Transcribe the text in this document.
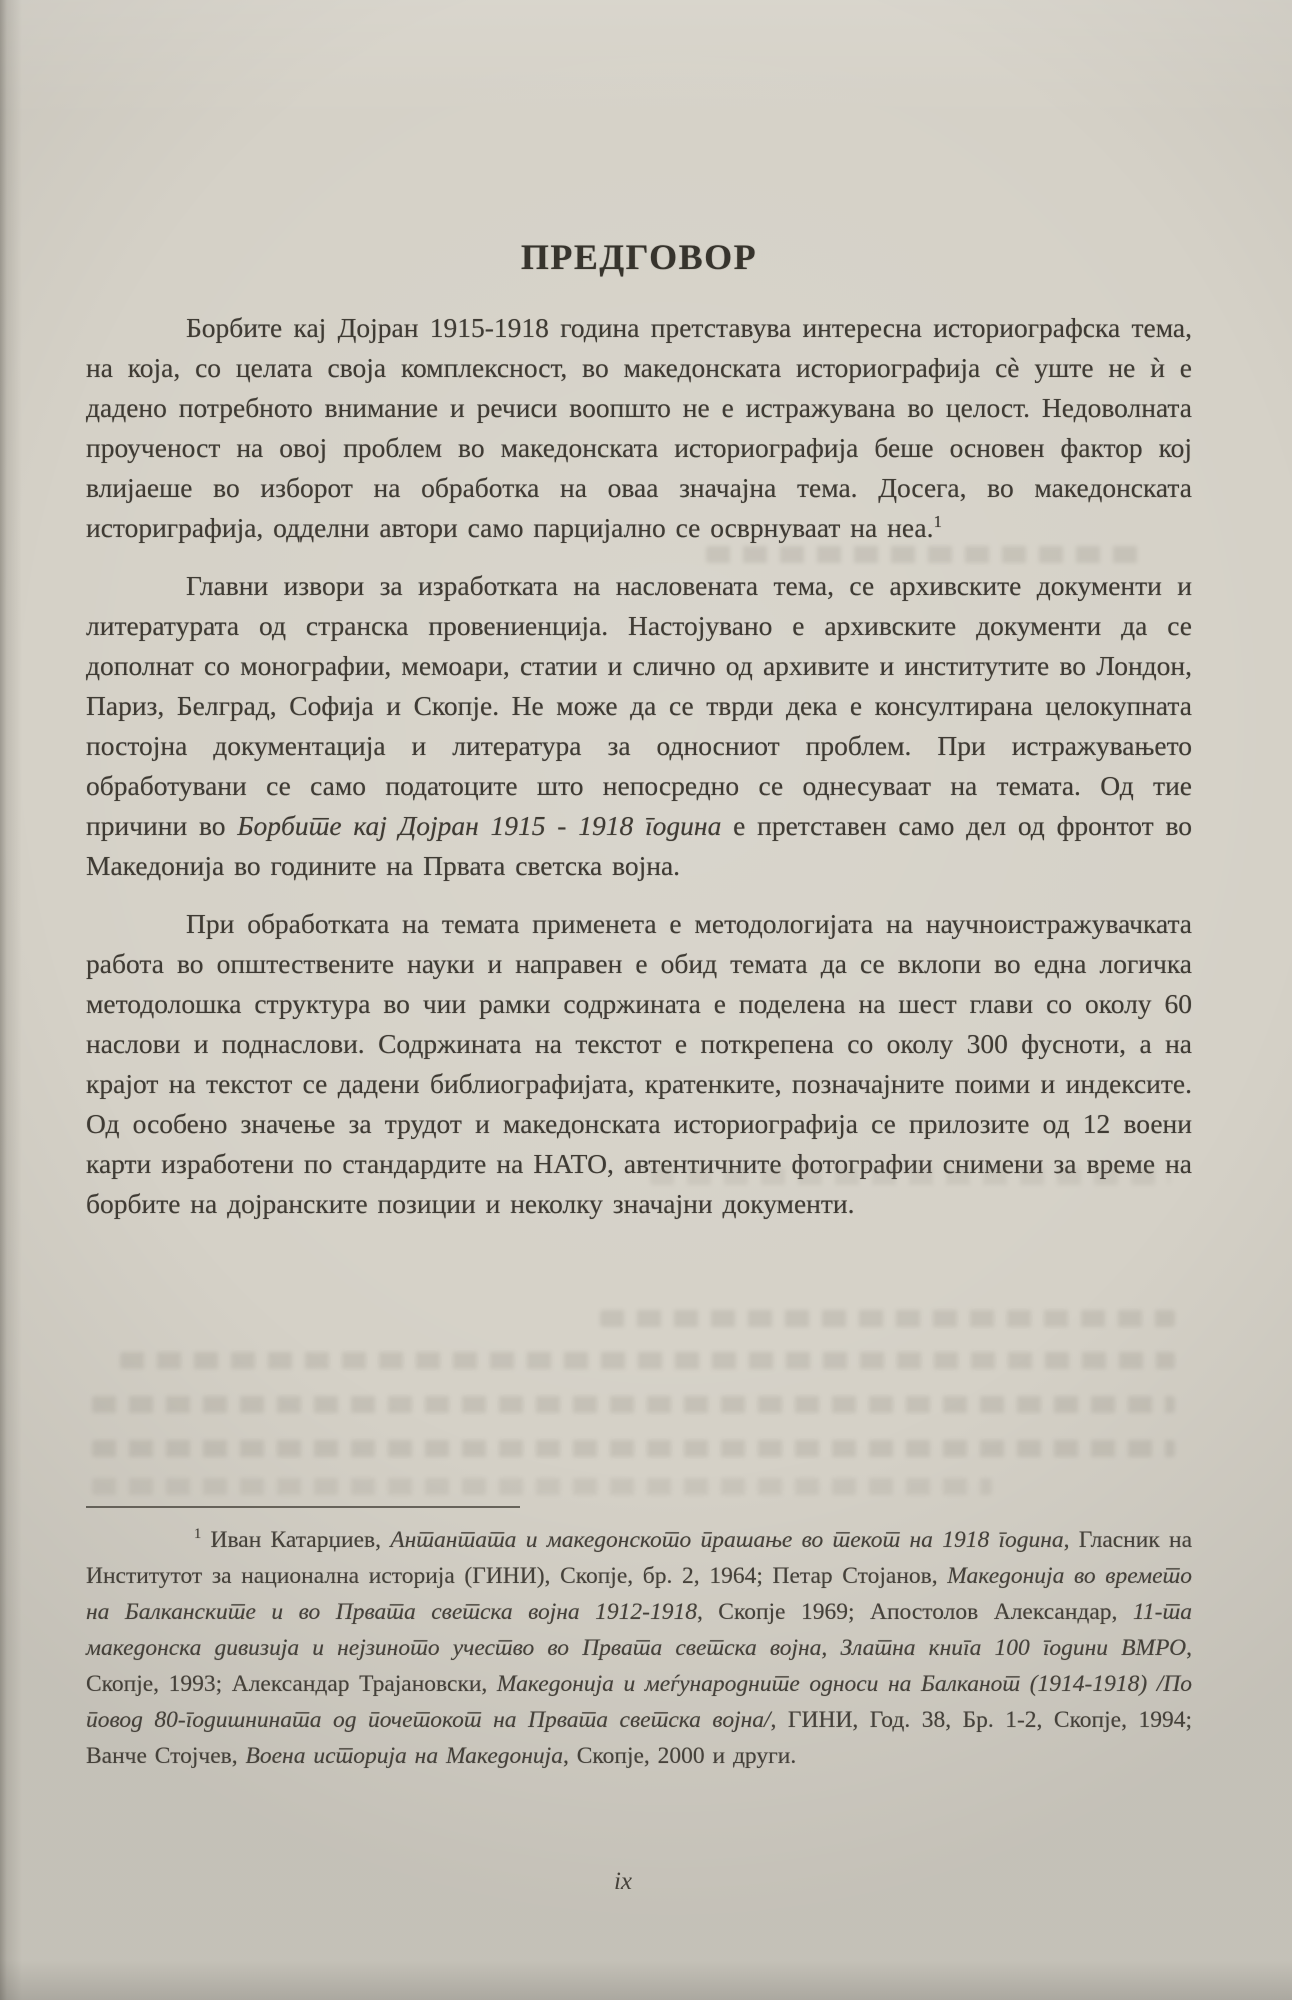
ПРЕДГОВОР

Борбите кај Дојран 1915-1918 година претставува интересна историографска тема, на која, со целата своја комплексност, во македонската историографија сè уште не ѝ е дадено потребното внимание и речиси воопшто не е истражувана во целост. Недоволната проученост на овој проблем во македонската историографија беше основен фактор кој влијаеше во изборот на обработка на оваа значајна тема. Досега, во македонската историграфија, одделни автори само парцијално се осврнуваат на неа.$^1$

Главни извори за изработката на насловената тема, се архивските документи и литературата од странска провениенција. Настојувано е архивските документи да се дополнат со монографии, мемоари, статии и слично од архивите и институтите во Лондон, Париз, Белград, Софија и Скопје. Не може да се тврди дека е консултирана целокупната постојна документација и литература за односниот проблем. При истражувањето обработувани се само податоците што непосредно се однесуваат на темата. Од тие причини во Борбите кај Дојран 1915 - 1918 година е претставен само дел од фронтот во Македонија во годините на Првата светска војна.

При обработката на темата применета е методологијата на научноистражувачката работа во општествените науки и направен е обид темата да се вклопи во една логичка методолошка структура во чии рамки содржината е поделена на шест глави со околу 60 наслови и поднаслови. Содржината на текстот е поткрепена со околу 300 фусноти, а на крајот на текстот се дадени библиографијата, кратенките, позначајните поими и индексите. Од особено значење за трудот и македонската историографија се прилозите од 12 воени карти изработени по стандардите на НАТО, автентичните фотографии снимени за време на борбите на дојранските позиции и неколку значајни документи.

$^1$ Иван Катарџиев, Антантата и македонското прашање во текот на 1918 година, Гласник на Институтот за национална историја (ГИНИ), Скопје, бр. 2, 1964; Петар Стојанов, Македонија во времето на Балканските и во Првата светска војна 1912-1918, Скопје 1969; Апостолов Александар, 11-та македонска дивизија и нејзиното учество во Првата светска војна, Златна книга 100 години ВМРО, Скопје, 1993; Александар Трајановски, Македонија и меѓународните односи на Балканот (1914-1918) /По повод 80-годишнината од почетокот на Првата светска војна/, ГИНИ, Год. 38, Бр. 1-2, Скопје, 1994; Ванче Стојчев, Воена историја на Македонија, Скопје, 2000 и други.

ix
